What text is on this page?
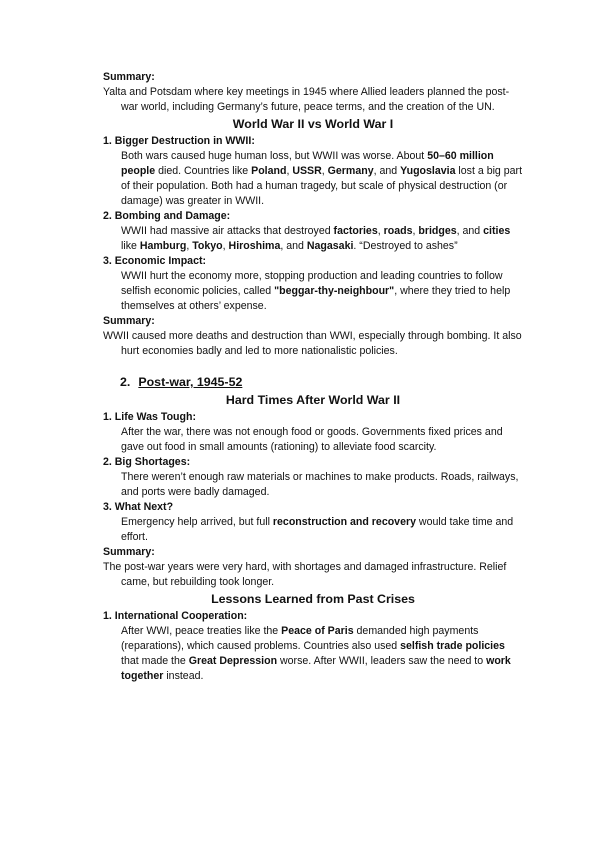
Summary:
Yalta and Potsdam where key meetings in 1945 where Allied leaders planned the post-war world, including Germany’s future, peace terms, and the creation of the UN.
World War II vs World War I
1. Bigger Destruction in WWII:
Both wars caused huge human loss, but WWII was worse. About 50–60 million people died. Countries like Poland, USSR, Germany, and Yugoslavia lost a big part of their population. Both had a human tragedy, but scale of physical destruction (or damage) was greater in WWII.
2. Bombing and Damage:
WWII had massive air attacks that destroyed factories, roads, bridges, and cities like Hamburg, Tokyo, Hiroshima, and Nagasaki. “Destroyed to ashes”
3. Economic Impact:
WWII hurt the economy more, stopping production and leading countries to follow selfish economic policies, called "beggar-thy-neighbour", where they tried to help themselves at others’ expense.
Summary:
WWII caused more deaths and destruction than WWI, especially through bombing. It also hurt economies badly and led to more nationalistic policies.
2. Post-war, 1945-52
Hard Times After World War II
1. Life Was Tough:
After the war, there was not enough food or goods. Governments fixed prices and gave out food in small amounts (rationing) to alleviate food scarcity.
2. Big Shortages:
There weren’t enough raw materials or machines to make products. Roads, railways, and ports were badly damaged.
3. What Next?
Emergency help arrived, but full reconstruction and recovery would take time and effort.
Summary:
The post-war years were very hard, with shortages and damaged infrastructure. Relief came, but rebuilding took longer.
Lessons Learned from Past Crises
1. International Cooperation:
After WWI, peace treaties like the Peace of Paris demanded high payments (reparations), which caused problems. Countries also used selfish trade policies that made the Great Depression worse. After WWII, leaders saw the need to work together instead.
